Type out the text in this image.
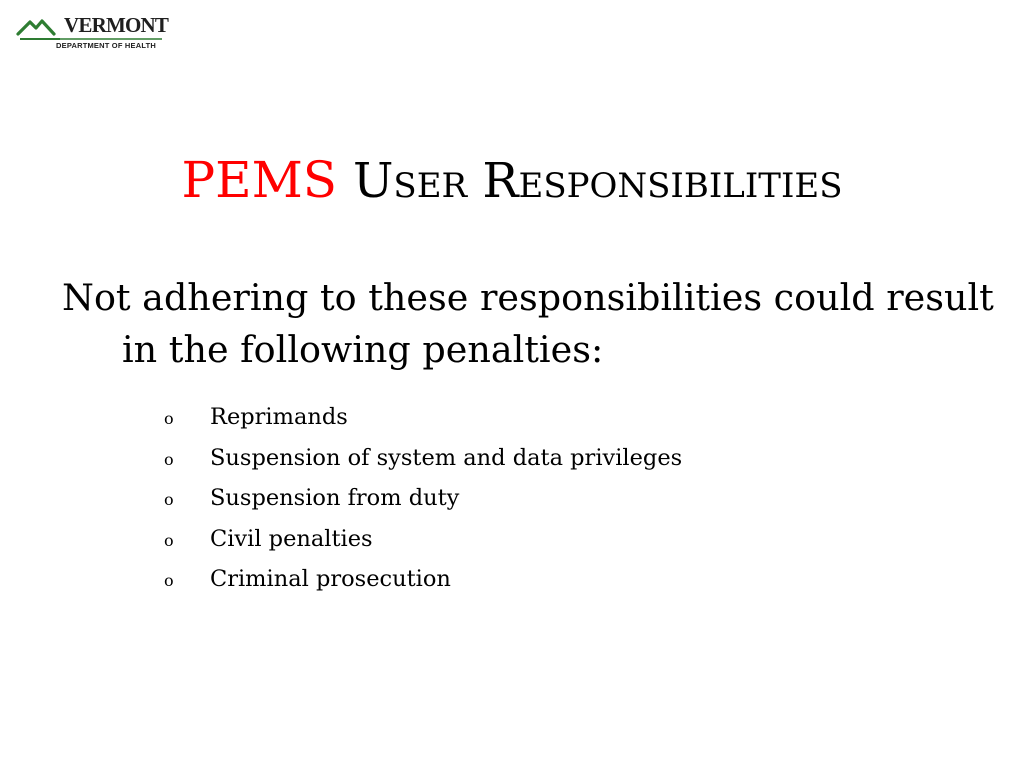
VERMONT
DEPARTMENT OF HEALTH
PEMS User Responsibilities
Not adhering to these responsibilities could result in the following penalties:
o Reprimands
o Suspension of system and data privileges
o Suspension from duty
o Civil penalties
o Criminal prosecution
